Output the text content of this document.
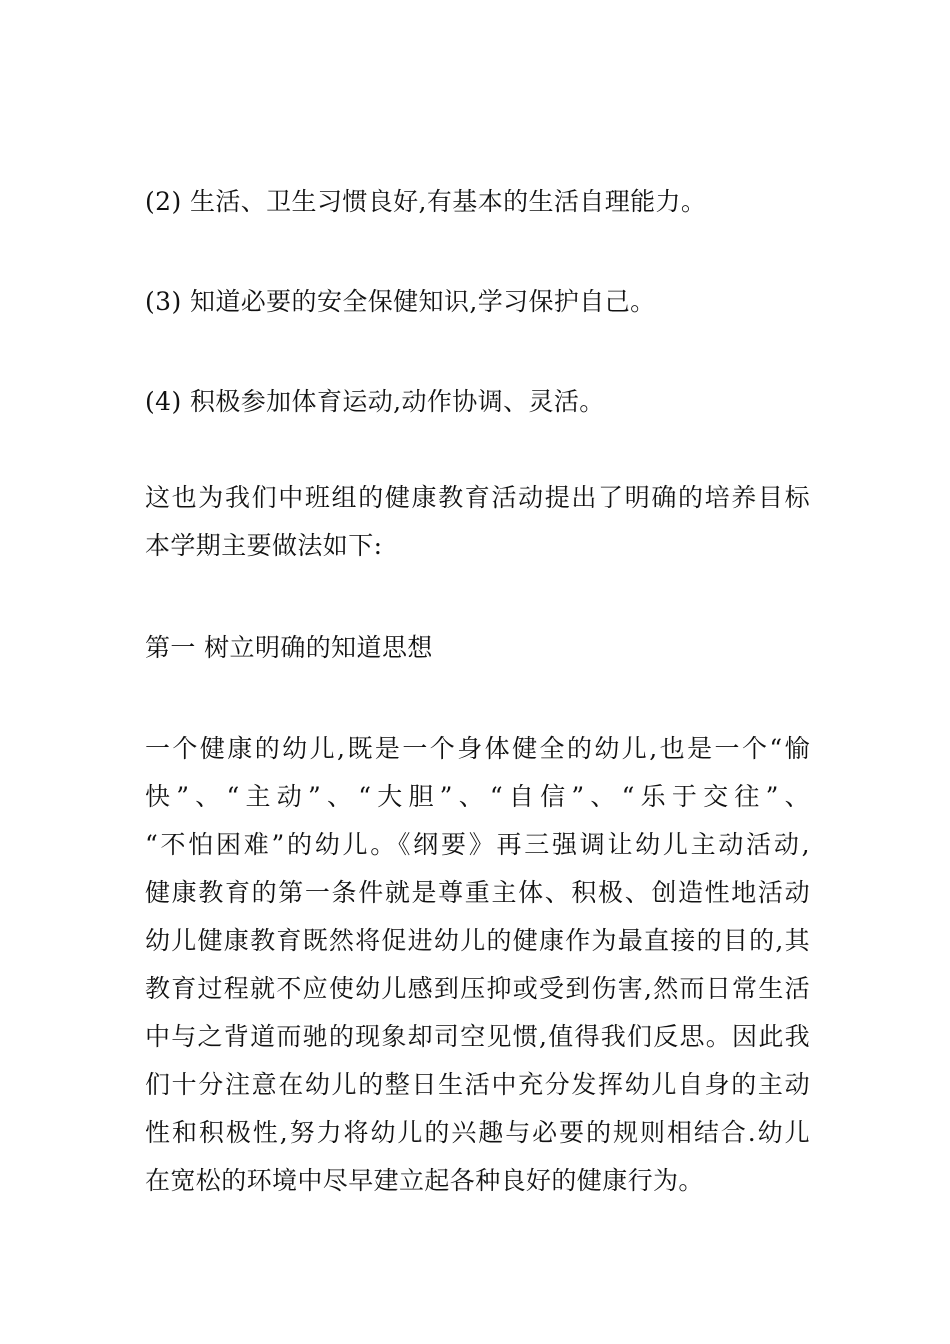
(2) 生活、卫生习惯良好,有基本的生活自理能力。

(3) 知道必要的安全保健知识,学习保护自己。

(4) 积极参加体育运动,动作协调、灵活。

这也为我们中班组的健康教育活动提出了明确的培养目标
本学期主要做法如下:

第一 树立明确的知道思想

一个健康的幼儿,既是一个身体健全的幼儿,也是一个“愉
快”、“主动”、“大胆”、“自信”、“乐于交往”、
“不怕困难”的幼儿。《纲要》再三强调让幼儿主动活动,
健康教育的第一条件就是尊重主体、积极、创造性地活动
幼儿健康教育既然将促进幼儿的健康作为最直接的目的,其
教育过程就不应使幼儿感到压抑或受到伤害,然而日常生活
中与之背道而驰的现象却司空见惯,值得我们反思。因此我
们十分注意在幼儿的整日生活中充分发挥幼儿自身的主动
性和积极性,努力将幼儿的兴趣与必要的规则相结合.幼儿
在宽松的环境中尽早建立起各种良好的健康行为。
